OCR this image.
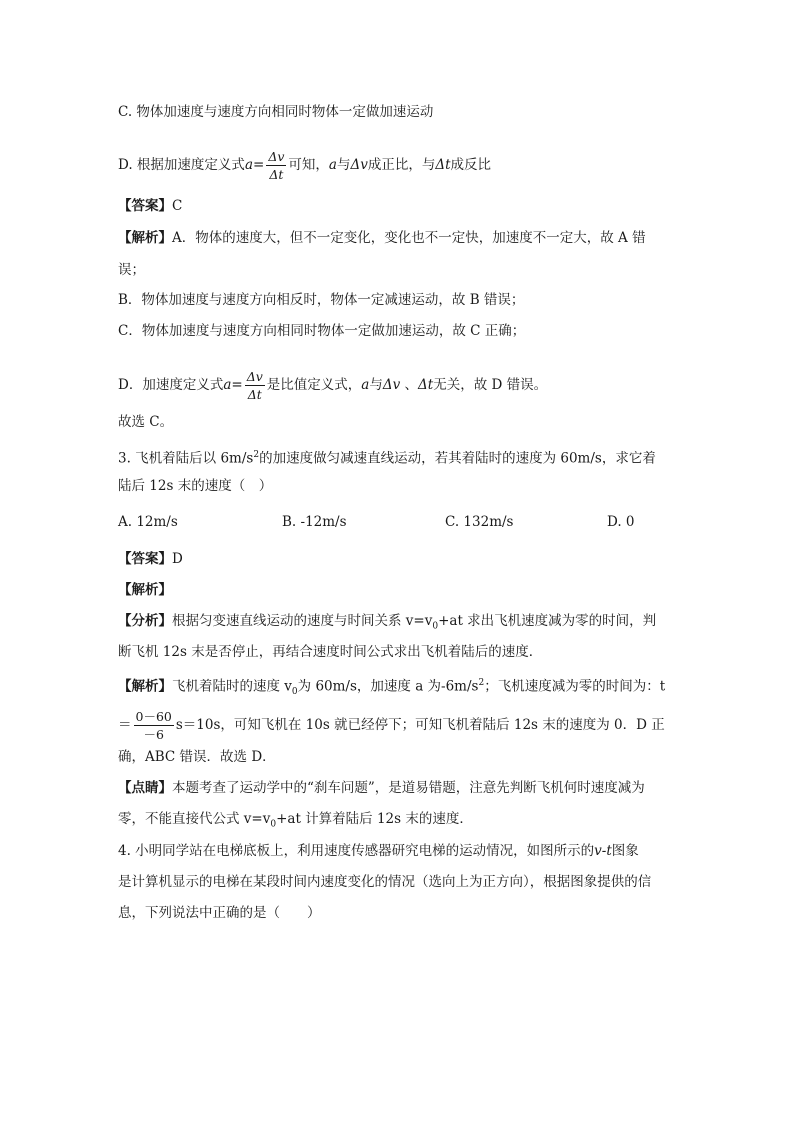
C. 物体加速度与速度方向相同时物体一定做加速运动
D. 根据加速度定义式$a= \frac{\Delta v}{\Delta t}$ 可知，a与Δv成正比，与Δt成反比
【答案】C
【解析】A．物体的速度大，但不一定变化，变化也不一定快，加速度不一定大，故 A 错
误；
B．物体加速度与速度方向相反时，物体一定减速运动，故 B 错误；
C．物体加速度与速度方向相同时物体一定做加速运动，故 C 正确；
D．加速度定义式$a= \frac{\Delta v}{\Delta t}$ 是比值定义式，a与Δv 、Δt无关，故 D 错误。
故选 C。
3. 飞机着陆后以 $6m/s^2$的加速度做匀减速直线运动，若其着陆时的速度为 60m/s，求它着
陆后 12s 末的速度（　）
A. 12m/s	B. -12m/s	C. 132m/s	D. 0
【答案】D
【解析】
【分析】根据匀变速直线运动的速度与时间关系 $v=v_0+at$ 求出飞机速度减为零的时间，判
断飞机 12s 末是否停止，再结合速度时间公式求出飞机着陆后的速度．
【解析】飞机着陆时的速度 $v_0$为 60m/s，加速度 a 为$-6m/s^2$；飞机速度减为零的时间为：t
＝ $\frac{0-60}{-6} s=10s$，可知飞机在 10s 就已经停下；可知飞机着陆后 12s 末的速度为 0．D 正
确，ABC 错误．故选 D．
【点睛】本题考查了运动学中的“刹车问题”，是道易错题，注意先判断飞机何时速度减为
零，不能直接代公式 $v=v_0+at$ 计算着陆后 12s 末的速度．
4. 小明同学站在电梯底板上，利用速度传感器研究电梯的运动情况，如图所示的v-t图象
是计算机显示的电梯在某段时间内速度变化的情况（选向上为正方向），根据图象提供的信
息，下列说法中正确的是（　　）
